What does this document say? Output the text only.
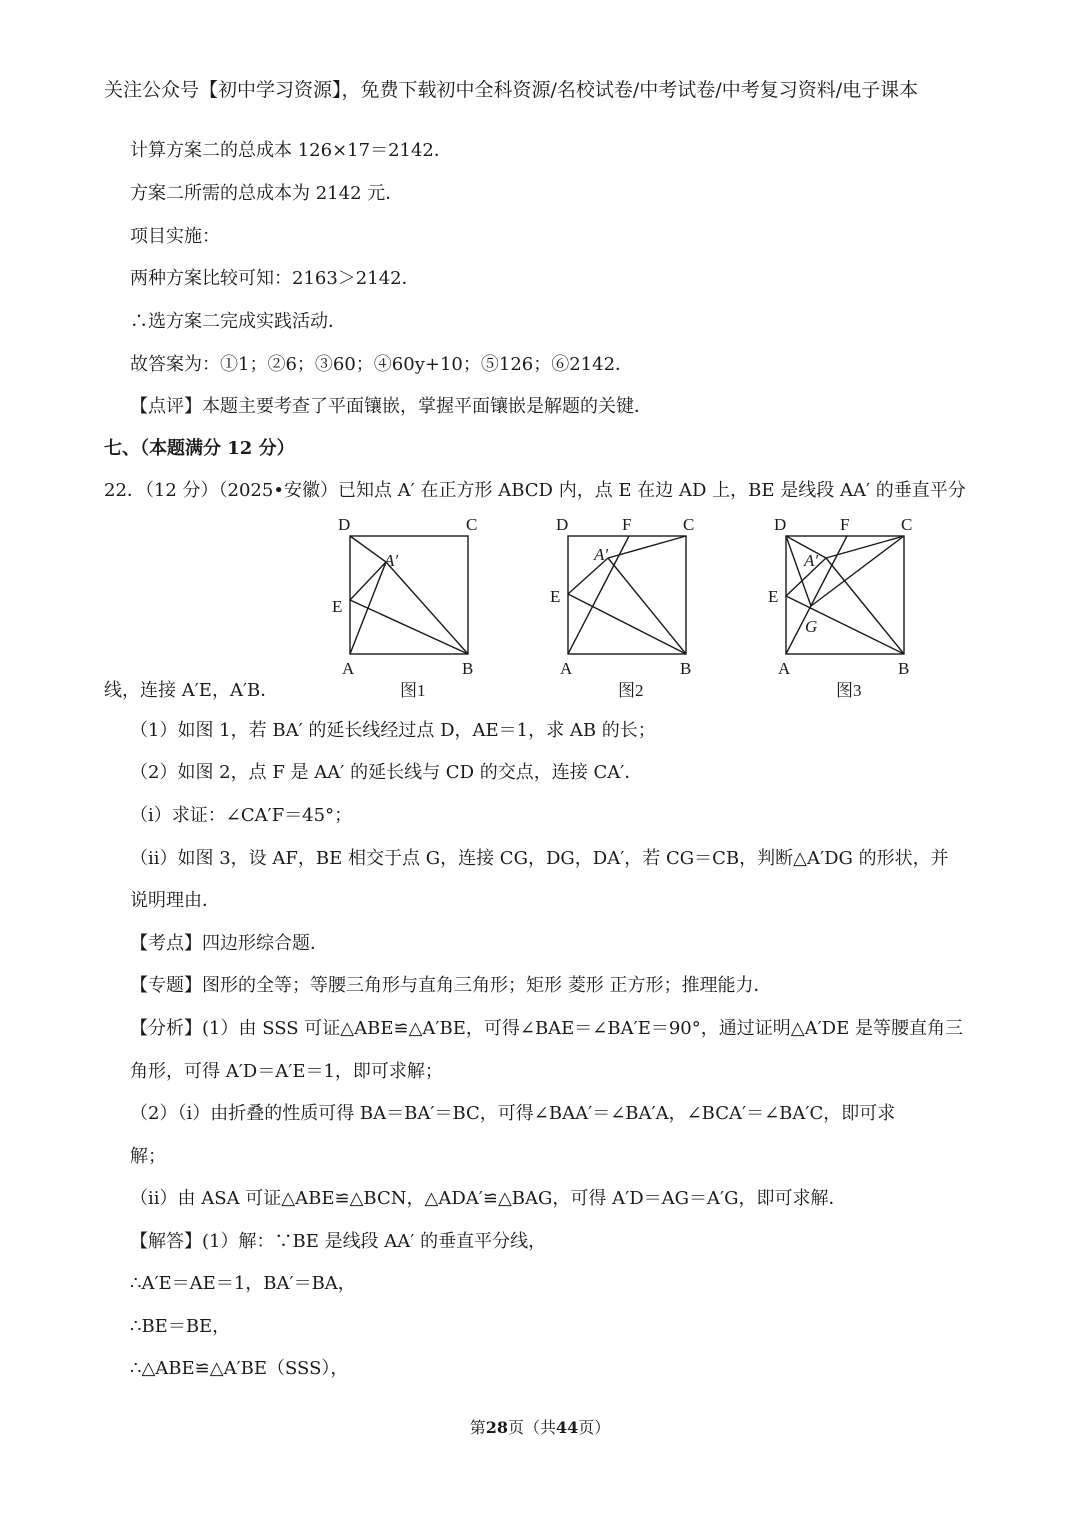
关注公众号【初中学习资源】，免费下载初中全科资源/名校试卷/中考试卷/中考复习资料/电子课本
计算方案二的总成本 126×17＝2142．
方案二所需的总成本为 2142 元．
项目实施：
两种方案比较可知：2163＞2142．
∴选方案二完成实践活动．
故答案为：①1；②6；③60；④60y+10；⑤126；⑥2142．
【点评】本题主要考查了平面镶嵌，掌握平面镶嵌是解题的关键．
七、（本题满分 12 分）
22．（12 分）（2025•安徽）已知点 A′ 在正方形 ABCD 内，点 E 在边 AD 上，BE 是线段 AA′ 的垂直平分
D	C
A	B
E
A′
图1
D	F	C
A	B
E
A′
图2
D	F	C
A	B
E
A′
G
图3
线，连接 A′E，A′B．
（1）如图 1，若 BA′ 的延长线经过点 D，AE＝1，求 AB 的长；
（2）如图 2，点 F 是 AA′ 的延长线与 CD 的交点，连接 CA′．
（i）求证：∠CA′F＝45°；
（ii）如图 3，设 AF，BE 相交于点 G，连接 CG，DG，DA′，若 CG＝CB，判断△A′DG 的形状，并
说明理由．
【考点】四边形综合题．
【专题】图形的全等；等腰三角形与直角三角形；矩形 菱形 正方形；推理能力．
【分析】(1）由 SSS 可证△ABE≌△A′BE，可得∠BAE＝∠BA′E＝90°，通过证明△A′DE 是等腰直角三
角形，可得 A′D＝A′E＝1，即可求解；
（2）（i）由折叠的性质可得 BA＝BA′＝BC，可得∠BAA′＝∠BA′A，∠BCA′＝∠BA′C，即可求
解；
（ii）由 ASA 可证△ABE≌△BCN，△ADA′≌△BAG，可得 A′D＝AG＝A′G，即可求解．
【解答】(1）解：∵BE 是线段 AA′ 的垂直平分线，
∴A′E＝AE＝1，BA′＝BA，
∴BE＝BE，
∴△ABE≌△A′BE（SSS），
第28页（共44页）
